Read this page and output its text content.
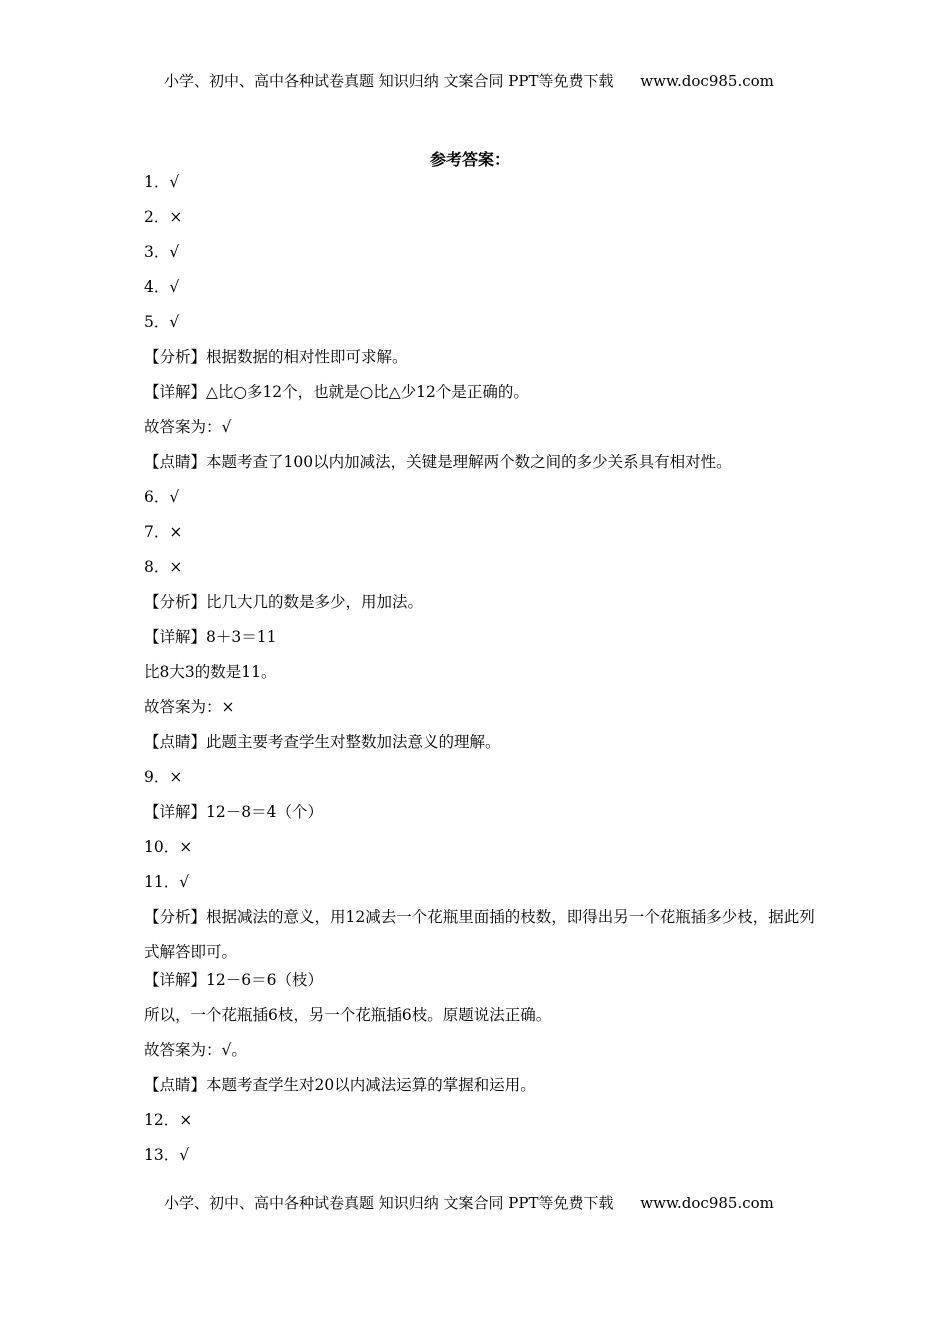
小学、初中、高中各种试卷真题 知识归纳 文案合同 PPT等免费下载 www.doc985.com
参考答案：
1．√
2．×
3．√
4．√
5．√
【分析】根据数据的相对性即可求解。
【详解】△比○多12个，也就是○比△少12个是正确的。
故答案为：√
【点睛】本题考查了100以内加减法，关键是理解两个数之间的多少关系具有相对性。
6．√
7．×
8．×
【分析】比几大几的数是多少，用加法。
【详解】8＋3＝11
比8大3的数是11。
故答案为：×
【点睛】此题主要考查学生对整数加法意义的理解。
9．×
【详解】12－8＝4（个）
10．×
11．√
【分析】根据减法的意义，用12减去一个花瓶里面插的枝数，即得出另一个花瓶插多少枝，据此列式解答即可。
【详解】12－6＝6（枝）
所以，一个花瓶插6枝，另一个花瓶插6枝。原题说法正确。
故答案为：√。
【点睛】本题考查学生对20以内减法运算的掌握和运用。
12．×
13．√
小学、初中、高中各种试卷真题 知识归纳 文案合同 PPT等免费下载 www.doc985.com
